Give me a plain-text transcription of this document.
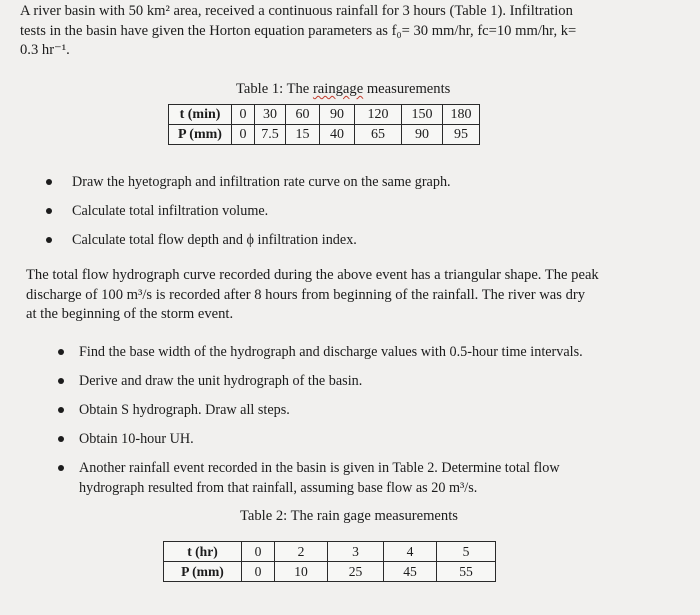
A river basin with 50 km² area, received a continuous rainfall for 3 hours (Table 1). Infiltration
tests in the basin have given the Horton equation parameters as f₀= 30 mm/hr, fc=10 mm/hr, k=
0.3 hr⁻¹.
Table 1: The raingage measurements
t (min)	0	30	60	90	120	150	180
P (mm)	0	7.5	15	40	65	90	95
Draw the hyetograph and infiltration rate curve on the same graph.
Calculate total infiltration volume.
Calculate total flow depth and ϕ infiltration index.
The total flow hydrograph curve recorded during the above event has a triangular shape. The peak
discharge of 100 m³/s is recorded after 8 hours from beginning of the rainfall. The river was dry
at the beginning of the storm event.
Find the base width of the hydrograph and discharge values with 0.5-hour time intervals.
Derive and draw the unit hydrograph of the basin.
Obtain S hydrograph. Draw all steps.
Obtain 10-hour UH.
Another rainfall event recorded in the basin is given in Table 2. Determine total flow
hydrograph resulted from that rainfall, assuming base flow as 20 m³/s.
Table 2: The rain gage measurements
t (hr)	0	2	3	4	5
P (mm)	0	10	25	45	55
